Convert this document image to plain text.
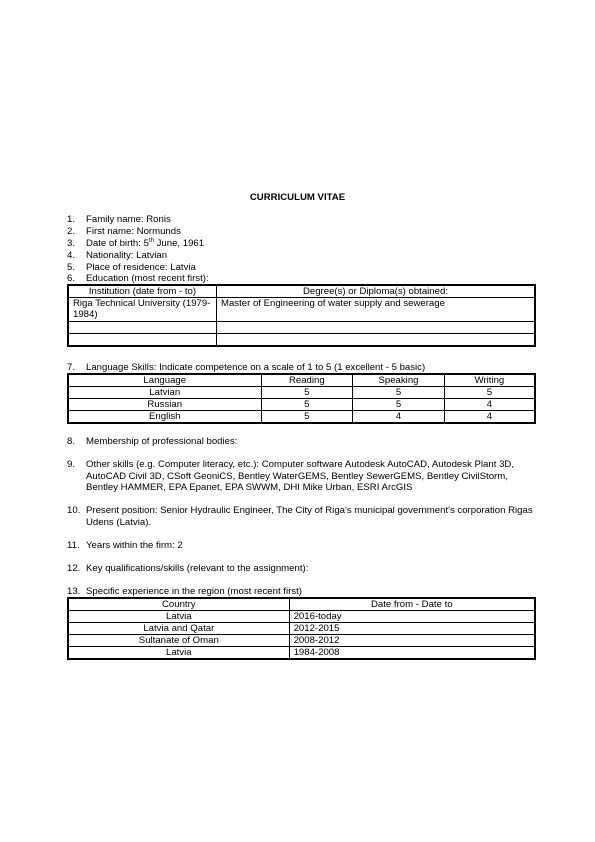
CURRICULUM VITAE
1. Family name: Ronis
2. First name: Normunds
3. Date of birth: 5th June, 1961
4. Nationality: Latvian
5. Place of residence: Latvia
6. Education (most recent first):
Institution (date from - to)	Degree(s) or Diploma(s) obtained:
Riga Technical University (1979-1984)	Master of Engineering of water supply and sewerage

7. Language Skills: Indicate competence on a scale of 1 to 5 (1 excellent - 5 basic)
Language	Reading	Speaking	Writing
Latvian	5	5	5
Russian	5	5	4
English	5	4	4
8. Membership of professional bodies:
9. Other skills (e.g. Computer literacy, etc.): Computer software Autodesk AutoCAD, Autodesk Plant 3D, AutoCAD Civil 3D, CSoft GeoniCS, Bentley WaterGEMS, Bentley SewerGEMS, Bentley CivilStorm, Bentley HAMMER, EPA Epanet, EPA SWWM, DHI Mike Urban, ESRI ArcGIS
10. Present position: Senior Hydraulic Engineer, The City of Riga's municipal government's corporation Rigas Udens (Latvia).
11. Years within the firm: 2
12. Key qualifications/skills (relevant to the assignment):
13. Specific experience in the region (most recent first)
Country	Date from - Date to
Latvia	2016-today
Latvia and Qatar	2012-2015
Sultanate of Oman	2008-2012
Latvia	1984-2008
